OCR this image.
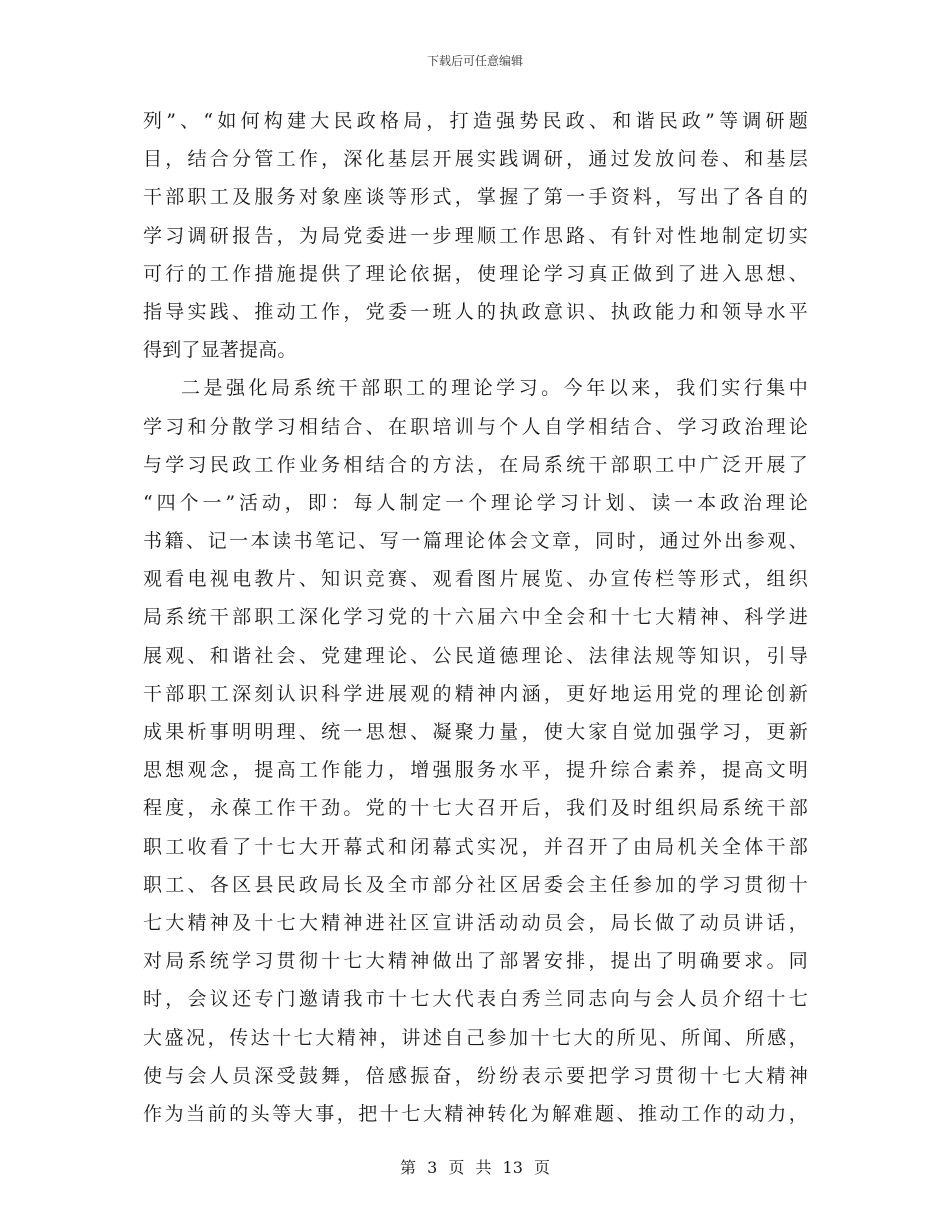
下载后可任意编辑
列”、“如何构建大民政格局，打造强势民政、和谐民政”等调研题
目，结合分管工作，深化基层开展实践调研，通过发放问卷、和基层
干部职工及服务对象座谈等形式，掌握了第一手资料，写出了各自的
学习调研报告，为局党委进一步理顺工作思路、有针对性地制定切实
可行的工作措施提供了理论依据，使理论学习真正做到了进入思想、
指导实践、推动工作，党委一班人的执政意识、执政能力和领导水平
得到了显著提高。
二是强化局系统干部职工的理论学习。今年以来，我们实行集中
学习和分散学习相结合、在职培训与个人自学相结合、学习政治理论
与学习民政工作业务相结合的方法，在局系统干部职工中广泛开展了
“四个一”活动，即：每人制定一个理论学习计划、读一本政治理论
书籍、记一本读书笔记、写一篇理论体会文章，同时，通过外出参观、
观看电视电教片、知识竞赛、观看图片展览、办宣传栏等形式，组织
局系统干部职工深化学习党的十六届六中全会和十七大精神、科学进
展观、和谐社会、党建理论、公民道德理论、法律法规等知识，引导
干部职工深刻认识科学进展观的精神内涵，更好地运用党的理论创新
成果析事明明理、统一思想、凝聚力量，使大家自觉加强学习，更新
思想观念，提高工作能力，增强服务水平，提升综合素养，提高文明
程度，永葆工作干劲。党的十七大召开后，我们及时组织局系统干部
职工收看了十七大开幕式和闭幕式实况，并召开了由局机关全体干部
职工、各区县民政局长及全市部分社区居委会主任参加的学习贯彻十
七大精神及十七大精神进社区宣讲活动动员会，局长做了动员讲话，
对局系统学习贯彻十七大精神做出了部署安排，提出了明确要求。同
时，会议还专门邀请我市十七大代表白秀兰同志向与会人员介绍十七
大盛况，传达十七大精神，讲述自己参加十七大的所见、所闻、所感，
使与会人员深受鼓舞，倍感振奋，纷纷表示要把学习贯彻十七大精神
作为当前的头等大事，把十七大精神转化为解难题、推动工作的动力，
第 3 页 共 13 页
